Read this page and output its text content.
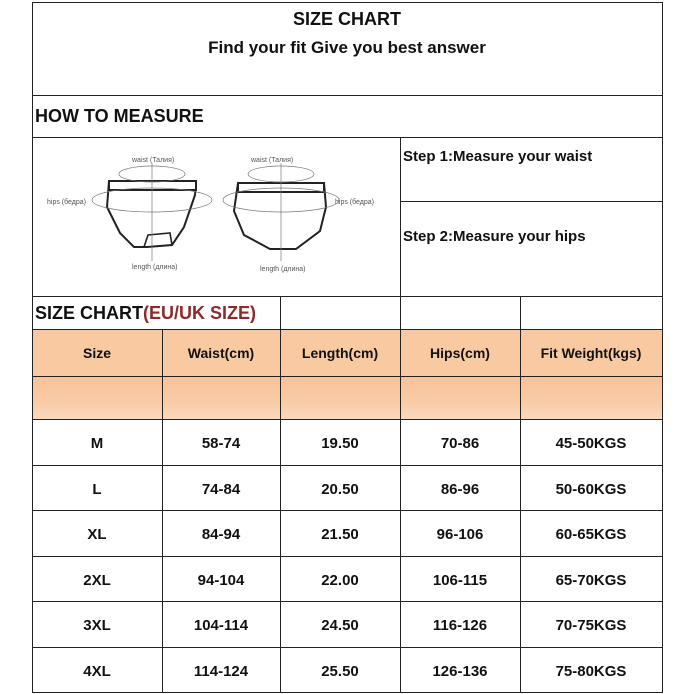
SIZE CHART
Find your fit Give you best answer
HOW TO MEASURE
waist (Талия)	waist (Талия)
hips (бедра)	hips (бедра)
length (длина)	length (длина)
Step 1:Measure your waist
Step 2:Measure your hips
SIZE CHART(EU/UK SIZE)
Size	Waist(cm)	Length(cm)	Hips(cm)	Fit Weight(kgs)
M	58-74	19.50	70-86	45-50KGS
L	74-84	20.50	86-96	50-60KGS
XL	84-94	21.50	96-106	60-65KGS
2XL	94-104	22.00	106-115	65-70KGS
3XL	104-114	24.50	116-126	70-75KGS
4XL	114-124	25.50	126-136	75-80KGS
